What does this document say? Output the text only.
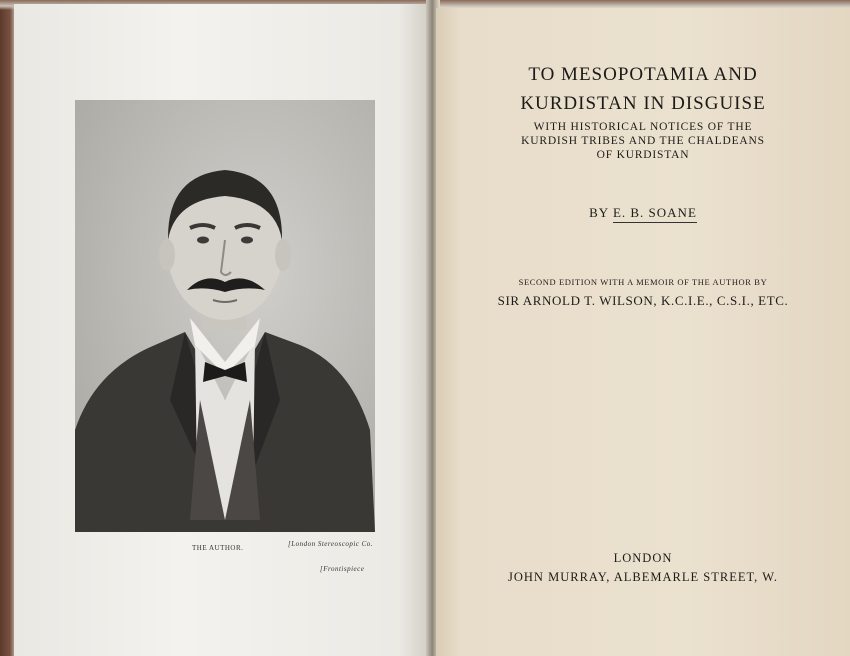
THE AUTHOR.	[London Stereoscopic Co.
[Frontispiece
TO MESOPOTAMIA AND
KURDISTAN IN DISGUISE
WITH HISTORICAL NOTICES OF THE
KURDISH TRIBES AND THE CHALDEANS
OF KURDISTAN
BY E. B. SOANE
SECOND EDITION WITH A MEMOIR OF THE AUTHOR BY
SIR ARNOLD T. WILSON, K.C.I.E., C.S.I., ETC.
LONDON
JOHN MURRAY, ALBEMARLE STREET, W.
